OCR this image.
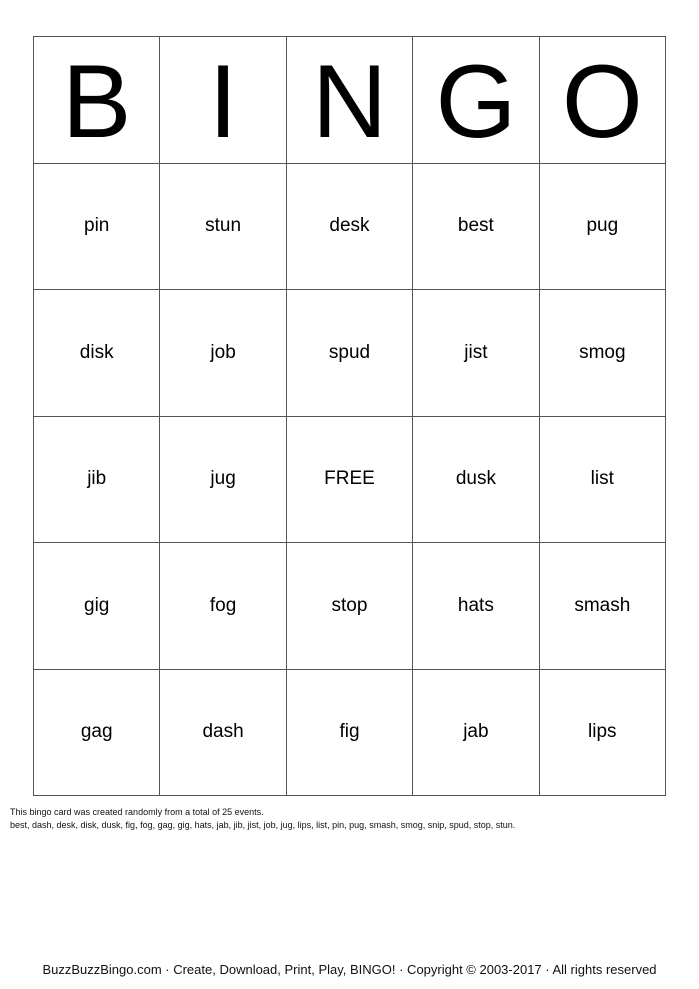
B I N G O
pin	stun	desk	best	pug
disk	job	spud	jist	smog
jib	jug	FREE	dusk	list
gig	fog	stop	hats	smash
gag	dash	fig	jab	lips
This bingo card was created randomly from a total of 25 events.
best, dash, desk, disk, dusk, fig, fog, gag, gig, hats, jab, jib, jist, job, jug, lips, list, pin, pug, smash, smog, snip, spud, stop, stun.
BuzzBuzzBingo.com · Create, Download, Print, Play, BINGO! · Copyright © 2003-2017 · All rights reserved
